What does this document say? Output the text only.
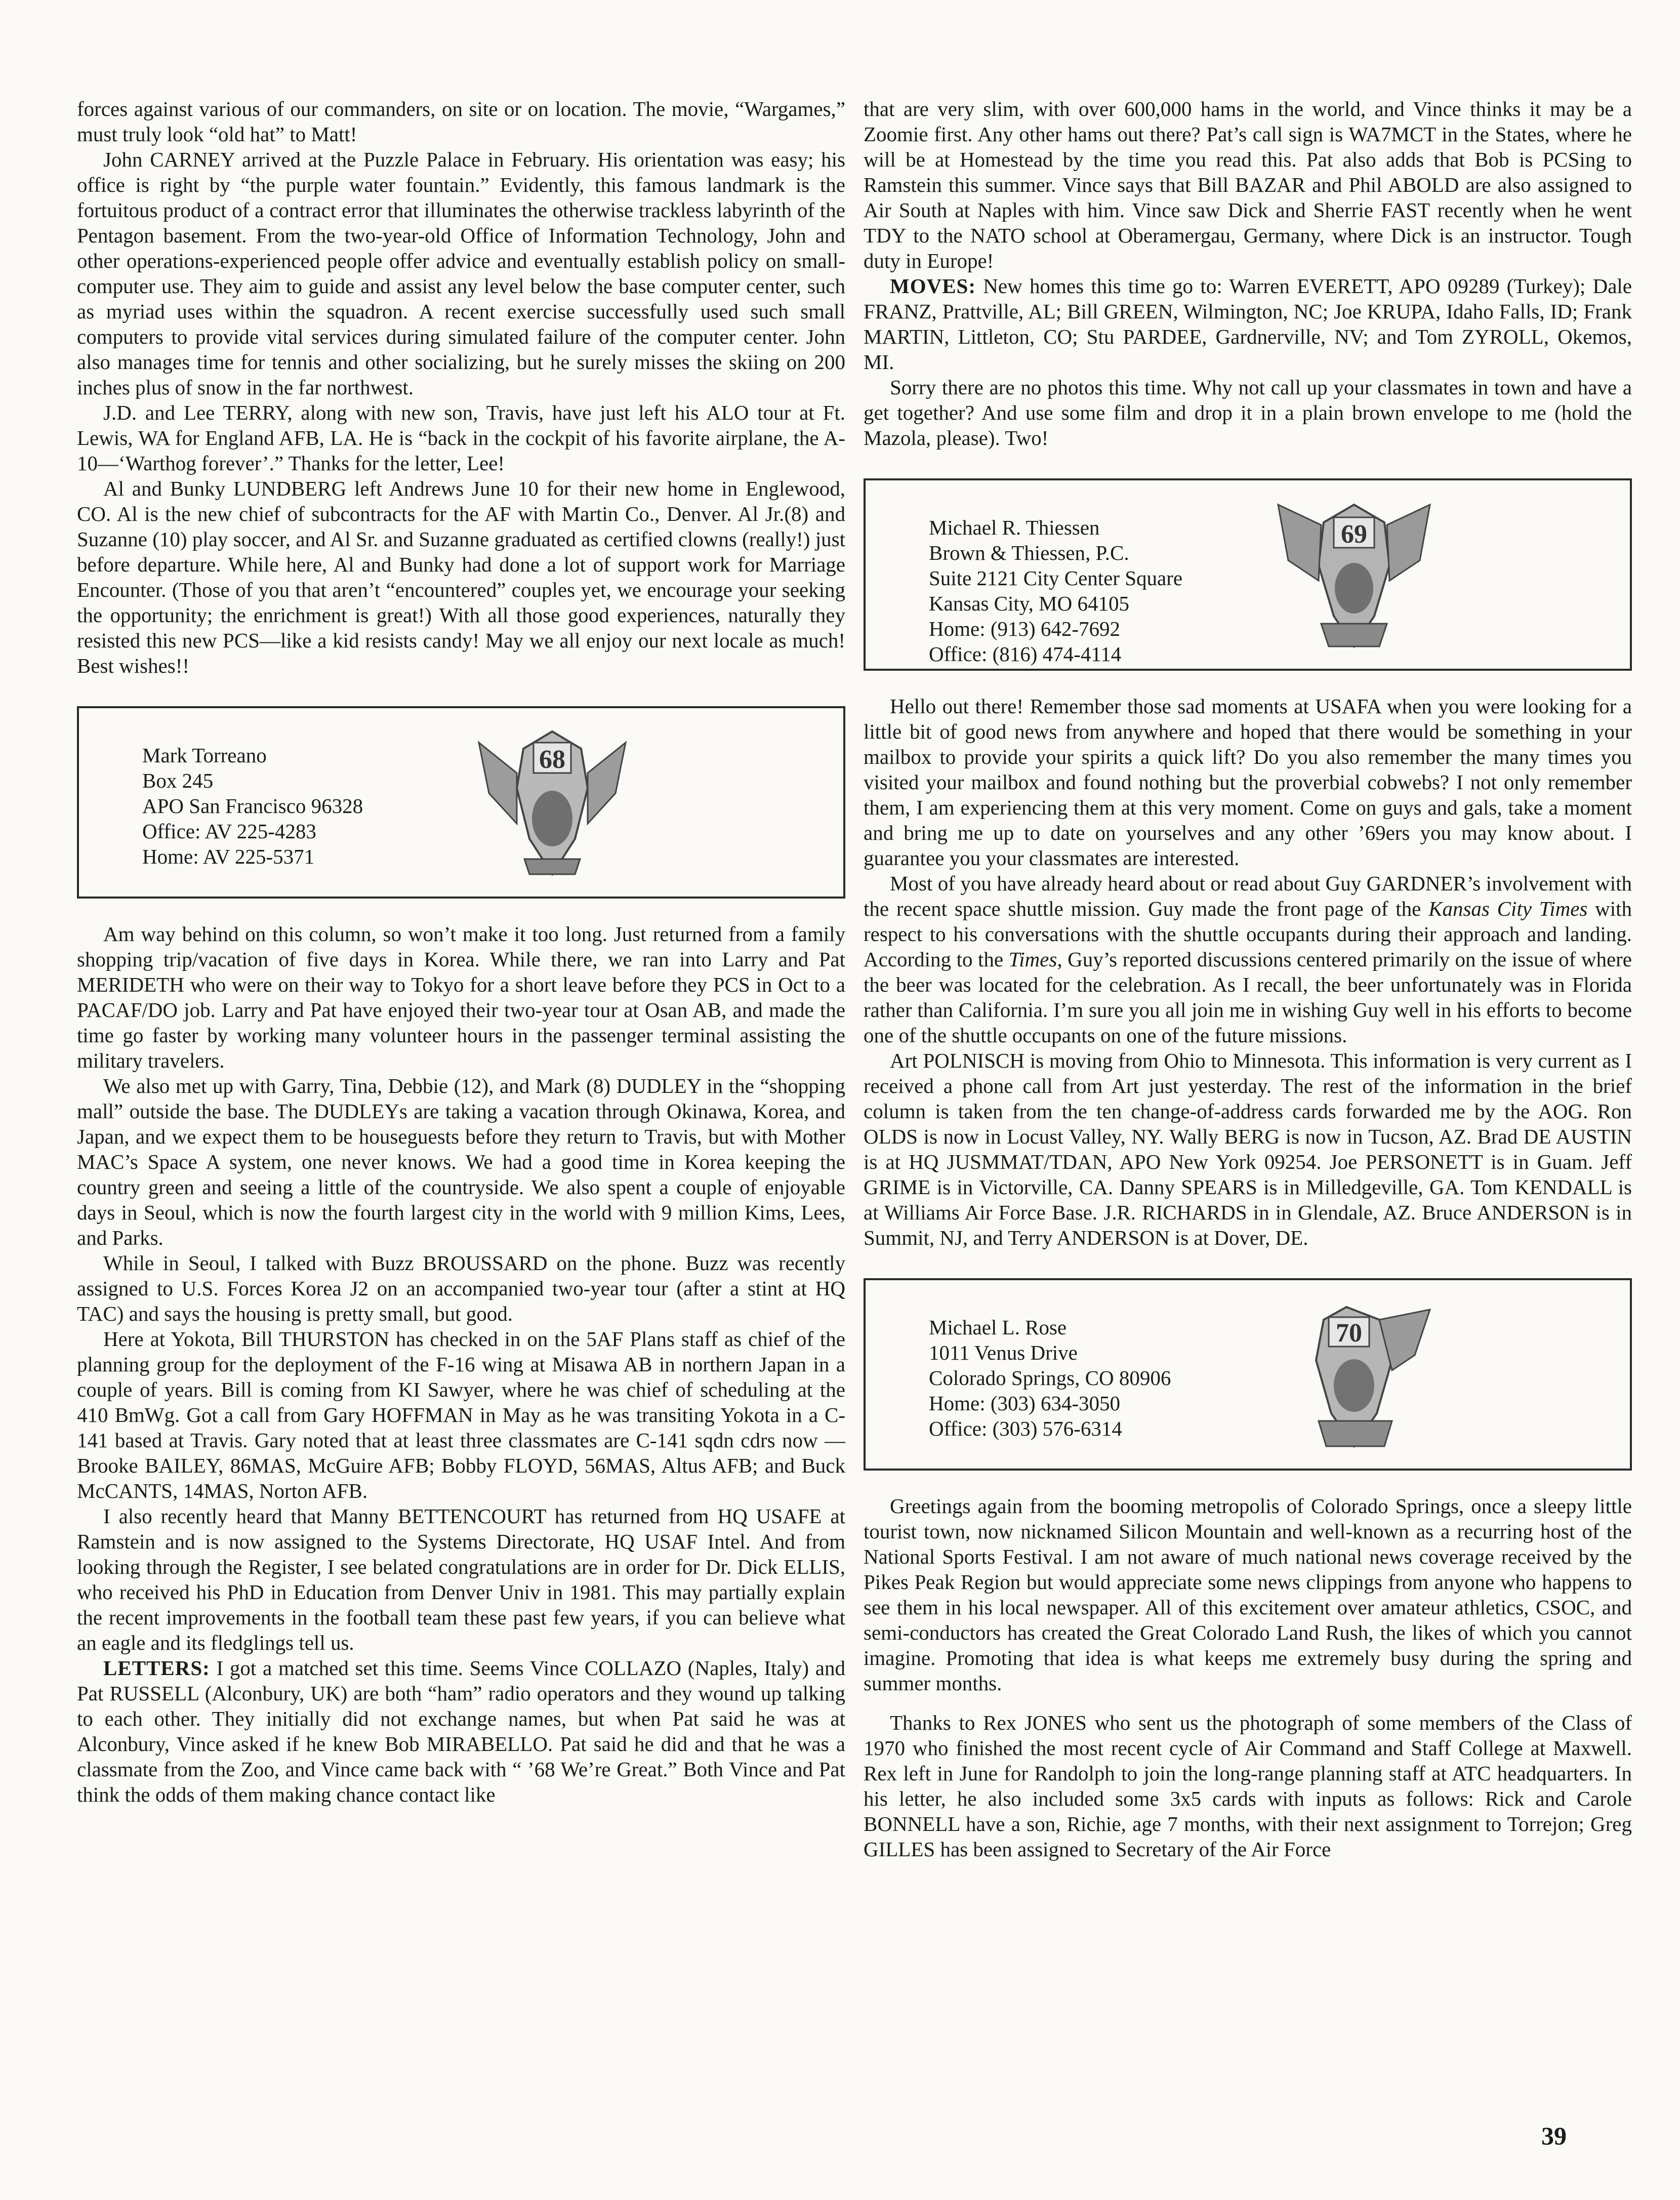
forces against various of our commanders, on site or on location. The movie, “Wargames,” must truly look “old hat” to Matt!

John CARNEY arrived at the Puzzle Palace in February. His orientation was easy; his office is right by “the purple water fountain.” Evidently, this famous landmark is the fortuitous product of a contract error that illuminates the otherwise trackless labyrinth of the Pentagon basement. From the two-year-old Office of Information Technology, John and other operations-experienced people offer advice and eventually establish policy on small-computer use. They aim to guide and assist any level below the base computer center, such as myriad uses within the squadron. A recent exercise successfully used such small computers to provide vital services during simulated failure of the computer center. John also manages time for tennis and other socializing, but he surely misses the skiing on 200 inches plus of snow in the far northwest.

J.D. and Lee TERRY, along with new son, Travis, have just left his ALO tour at Ft. Lewis, WA for England AFB, LA. He is “back in the cockpit of his favorite airplane, the A-10—‘Warthog forever’.” Thanks for the letter, Lee!

Al and Bunky LUNDBERG left Andrews June 10 for their new home in Englewood, CO. Al is the new chief of subcontracts for the AF with Martin Co., Denver. Al Jr.(8) and Suzanne (10) play soccer, and Al Sr. and Suzanne graduated as certified clowns (really!) just before departure. While here, Al and Bunky had done a lot of support work for Marriage Encounter. (Those of you that aren’t “encountered” couples yet, we encourage your seeking the opportunity; the enrichment is great!) With all those good experiences, naturally they resisted this new PCS—like a kid resists candy! May we all enjoy our next locale as much! Best wishes!!

Mark Torreano
Box 245
APO San Francisco 96328
Office: AV 225-4283
Home: AV 225-5371
68

Am way behind on this column, so won’t make it too long. Just returned from a family shopping trip/vacation of five days in Korea. While there, we ran into Larry and Pat MERIDETH who were on their way to Tokyo for a short leave before they PCS in Oct to a PACAF/DO job. Larry and Pat have enjoyed their two-year tour at Osan AB, and made the time go faster by working many volunteer hours in the passenger terminal assisting the military travelers.

We also met up with Garry, Tina, Debbie (12), and Mark (8) DUDLEY in the “shopping mall” outside the base. The DUDLEYs are taking a vacation through Okinawa, Korea, and Japan, and we expect them to be houseguests before they return to Travis, but with Mother MAC’s Space A system, one never knows. We had a good time in Korea keeping the country green and seeing a little of the countryside. We also spent a couple of enjoyable days in Seoul, which is now the fourth largest city in the world with 9 million Kims, Lees, and Parks.

While in Seoul, I talked with Buzz BROUSSARD on the phone. Buzz was recently assigned to U.S. Forces Korea J2 on an accompanied two-year tour (after a stint at HQ TAC) and says the housing is pretty small, but good.

Here at Yokota, Bill THURSTON has checked in on the 5AF Plans staff as chief of the planning group for the deployment of the F-16 wing at Misawa AB in northern Japan in a couple of years. Bill is coming from KI Sawyer, where he was chief of scheduling at the 410 BmWg. Got a call from Gary HOFFMAN in May as he was transiting Yokota in a C-141 based at Travis. Gary noted that at least three classmates are C-141 sqdn cdrs now — Brooke BAILEY, 86MAS, McGuire AFB; Bobby FLOYD, 56MAS, Altus AFB; and Buck McCANTS, 14MAS, Norton AFB.

I also recently heard that Manny BETTENCOURT has returned from HQ USAFE at Ramstein and is now assigned to the Systems Directorate, HQ USAF Intel. And from looking through the Register, I see belated congratulations are in order for Dr. Dick ELLIS, who received his PhD in Education from Denver Univ in 1981. This may partially explain the recent improvements in the football team these past few years, if you can believe what an eagle and its fledglings tell us.

LETTERS: I got a matched set this time. Seems Vince COLLAZO (Naples, Italy) and Pat RUSSELL (Alconbury, UK) are both “ham” radio operators and they wound up talking to each other. They initially did not exchange names, but when Pat said he was at Alconbury, Vince asked if he knew Bob MIRABELLO. Pat said he did and that he was a classmate from the Zoo, and Vince came back with “ ’68 We’re Great.” Both Vince and Pat think the odds of them making chance contact like

that are very slim, with over 600,000 hams in the world, and Vince thinks it may be a Zoomie first. Any other hams out there? Pat’s call sign is WA7MCT in the States, where he will be at Homestead by the time you read this. Pat also adds that Bob is PCSing to Ramstein this summer. Vince says that Bill BAZAR and Phil ABOLD are also assigned to Air South at Naples with him. Vince saw Dick and Sherrie FAST recently when he went TDY to the NATO school at Oberamergau, Germany, where Dick is an instructor. Tough duty in Europe!

MOVES: New homes this time go to: Warren EVERETT, APO 09289 (Turkey); Dale FRANZ, Prattville, AL; Bill GREEN, Wilmington, NC; Joe KRUPA, Idaho Falls, ID; Frank MARTIN, Littleton, CO; Stu PARDEE, Gardnerville, NV; and Tom ZYROLL, Okemos, MI.

Sorry there are no photos this time. Why not call up your classmates in town and have a get together? And use some film and drop it in a plain brown envelope to me (hold the Mazola, please). Two!

Michael R. Thiessen
Brown & Thiessen, P.C.
Suite 2121 City Center Square
Kansas City, MO 64105
Home: (913) 642-7692
Office: (816) 474-4114
69

Hello out there! Remember those sad moments at USAFA when you were looking for a little bit of good news from anywhere and hoped that there would be something in your mailbox to provide your spirits a quick lift? Do you also remember the many times you visited your mailbox and found nothing but the proverbial cobwebs? I not only remember them, I am experiencing them at this very moment. Come on guys and gals, take a moment and bring me up to date on yourselves and any other ’69ers you may know about. I guarantee you your classmates are interested.

Most of you have already heard about or read about Guy GARDNER’s involvement with the recent space shuttle mission. Guy made the front page of the Kansas City Times with respect to his conversations with the shuttle occupants during their approach and landing. According to the Times, Guy’s reported discussions centered primarily on the issue of where the beer was located for the celebration. As I recall, the beer unfortunately was in Florida rather than California. I’m sure you all join me in wishing Guy well in his efforts to become one of the shuttle occupants on one of the future missions.

Art POLNISCH is moving from Ohio to Minnesota. This information is very current as I received a phone call from Art just yesterday. The rest of the information in the brief column is taken from the ten change-of-address cards forwarded me by the AOG. Ron OLDS is now in Locust Valley, NY. Wally BERG is now in Tucson, AZ. Brad DE AUSTIN is at HQ JUSMMAT/TDAN, APO New York 09254. Joe PERSONETT is in Guam. Jeff GRIME is in Victorville, CA. Danny SPEARS is in Milledgeville, GA. Tom KENDALL is at Williams Air Force Base. J.R. RICHARDS in in Glendale, AZ. Bruce ANDERSON is in Summit, NJ, and Terry ANDERSON is at Dover, DE.

Michael L. Rose
1011 Venus Drive
Colorado Springs, CO 80906
Home: (303) 634-3050
Office: (303) 576-6314
70

Greetings again from the booming metropolis of Colorado Springs, once a sleepy little tourist town, now nicknamed Silicon Mountain and well-known as a recurring host of the National Sports Festival. I am not aware of much national news coverage received by the Pikes Peak Region but would appreciate some news clippings from anyone who happens to see them in his local newspaper. All of this excitement over amateur athletics, CSOC, and semi-conductors has created the Great Colorado Land Rush, the likes of which you cannot imagine. Promoting that idea is what keeps me extremely busy during the spring and summer months.

Thanks to Rex JONES who sent us the photograph of some members of the Class of 1970 who finished the most recent cycle of Air Command and Staff College at Maxwell. Rex left in June for Randolph to join the long-range planning staff at ATC headquarters. In his letter, he also included some 3x5 cards with inputs as follows: Rick and Carole BONNELL have a son, Richie, age 7 months, with their next assignment to Torrejon; Greg GILLES has been assigned to Secretary of the Air Force

39
